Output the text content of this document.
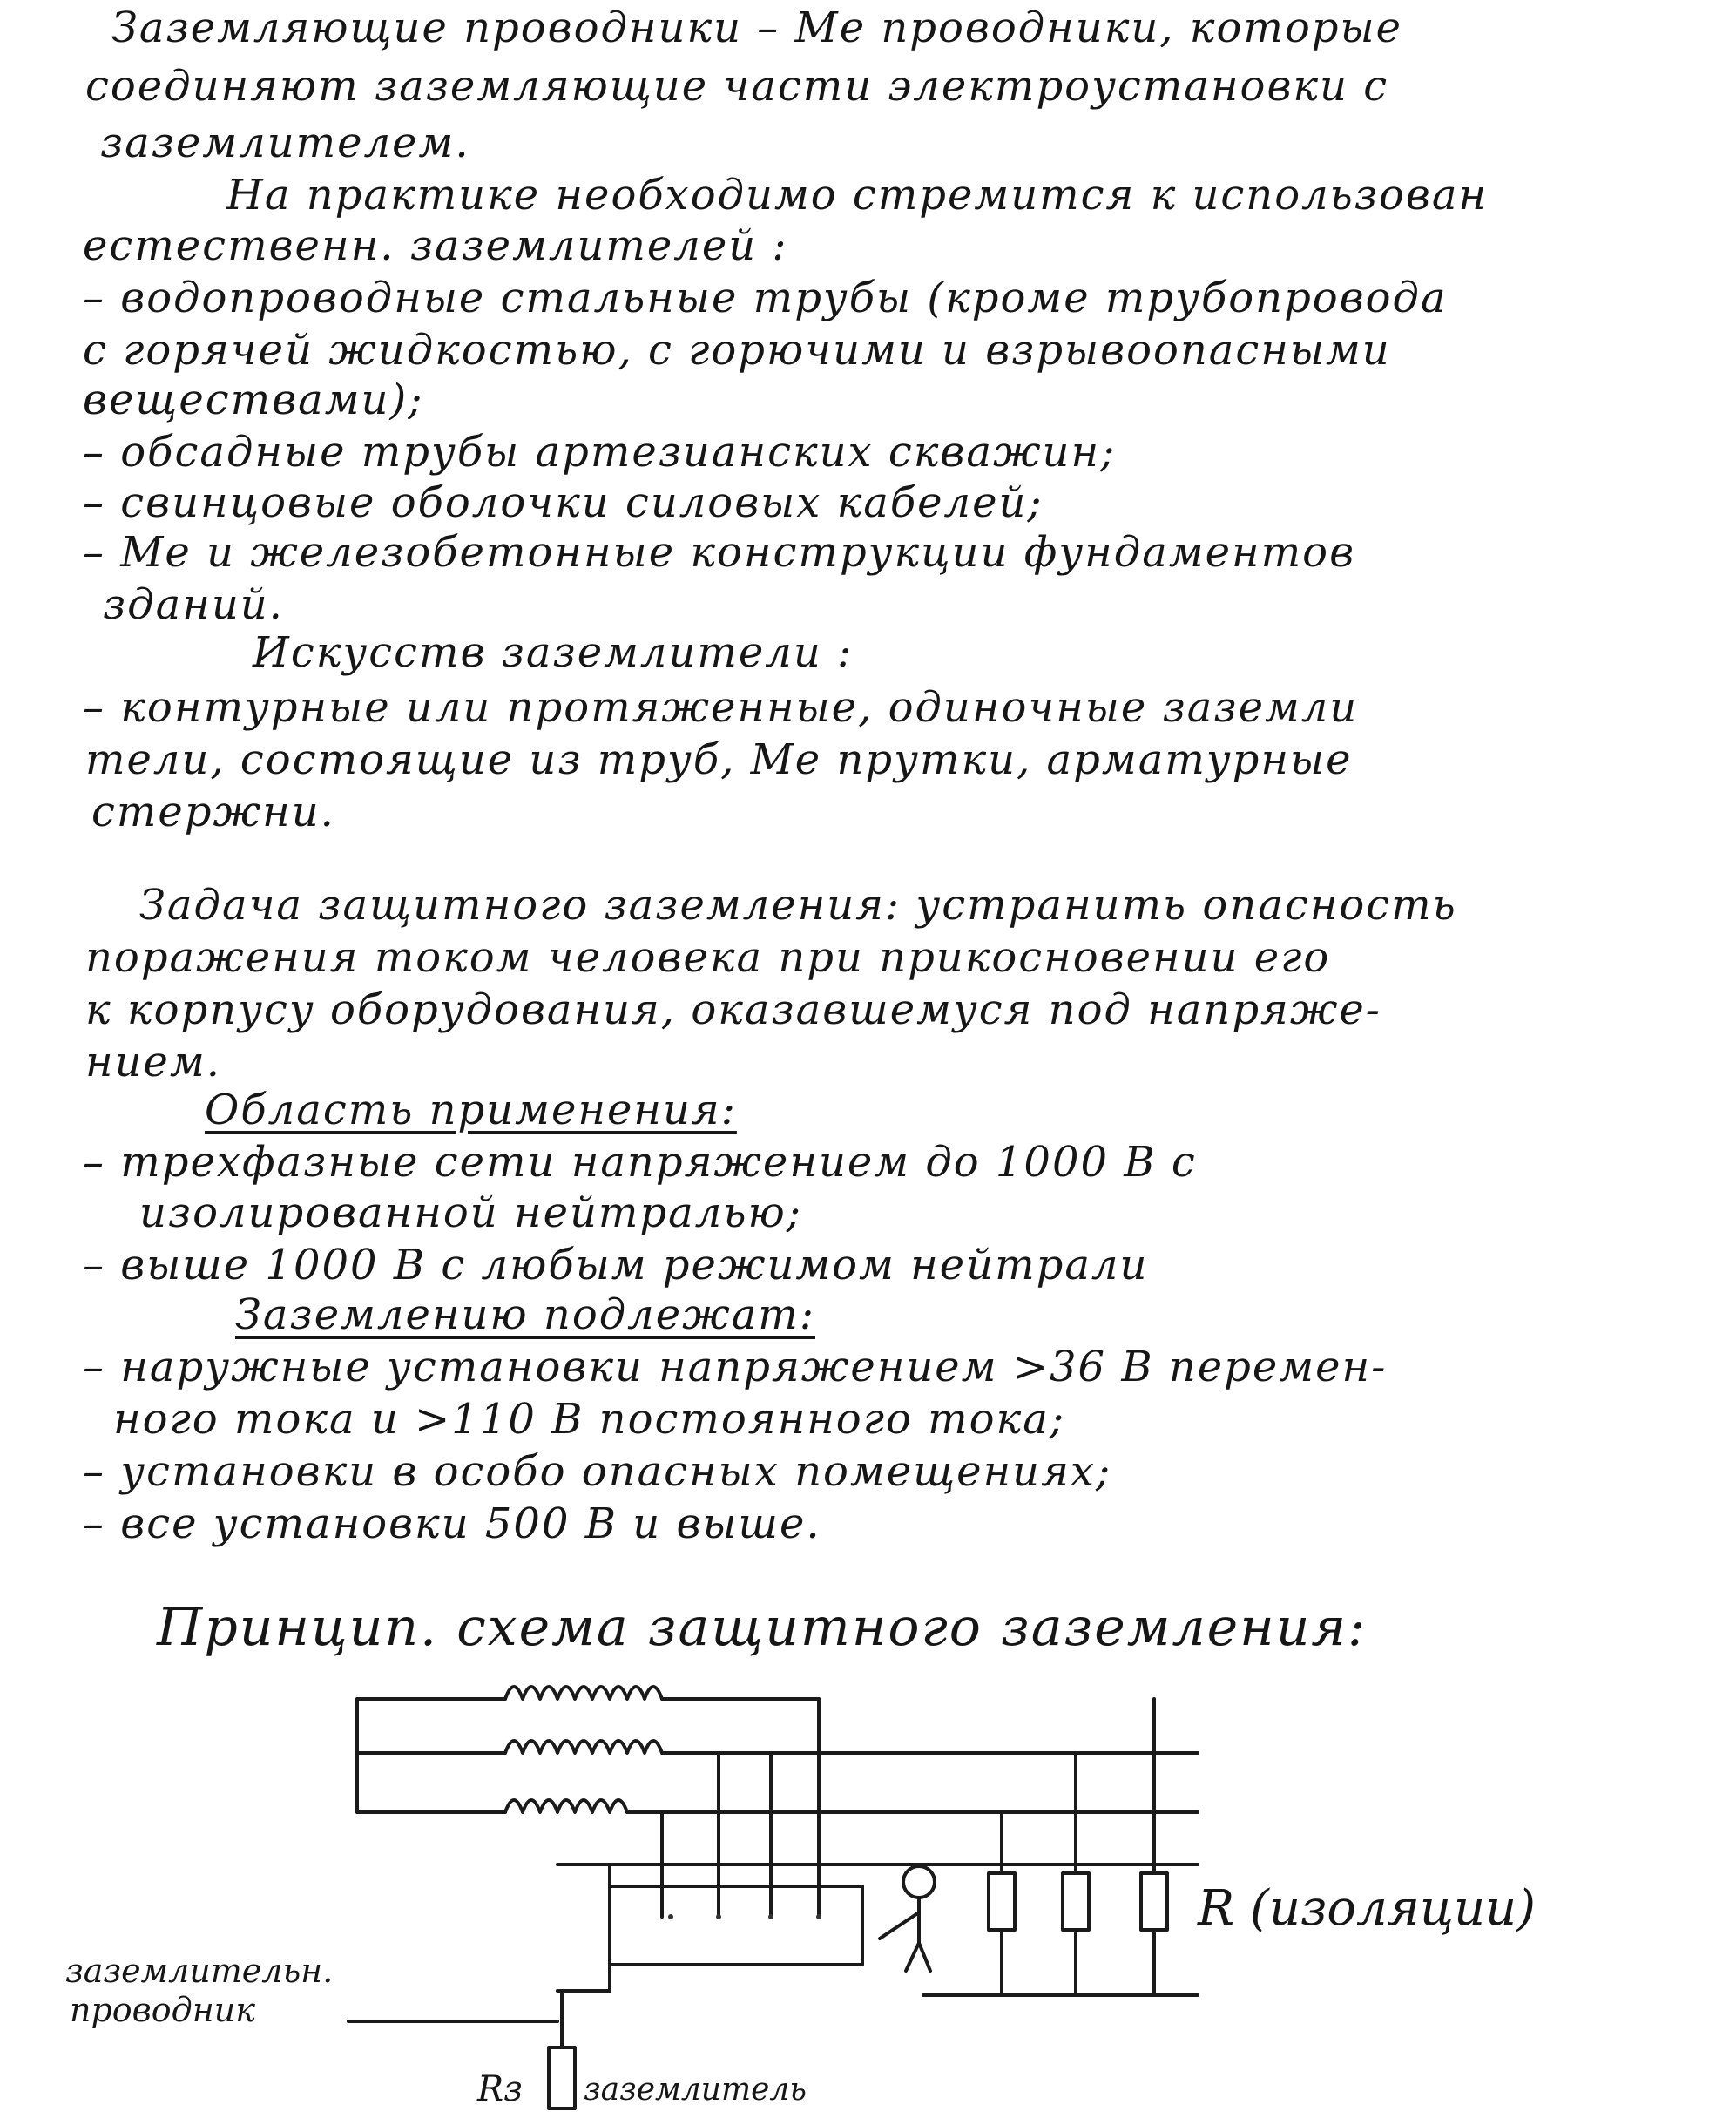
Заземляющие проводники – Ме проводники, которые

соединяют заземляющие части электроустановки с

заземлителем.

На практике необходимо стремится к использован

естественн. заземлителей :

– водопроводные стальные трубы (кроме трубопровода

с горячей жидкостью, с горючими и взрывоопасными

веществами);

– обсадные трубы артезианских скважин;

– свинцовые оболочки силовых кабелей;

– Ме и железобетонные конструкции фундаментов

зданий.

Искусств заземлители :

– контурные или протяженные, одиночные заземли

тели, состоящие из труб, Ме прутки, арматурные

стержни.

Задача защитного заземления: устранить опасность

поражения током человека при прикосновении его

к корпусу оборудования, оказавшемуся под напряже-

нием.

Область применения:

– трехфазные сети напряжением до 1000 В с

изолированной нейтралью;

– выше 1000 В с любым режимом нейтрали

Заземлению подлежат:

– наружные установки напряжением >36 В перемен-

ного тока и >110 В постоянного тока;

– установки в особо опасных помещениях;

– все установки 500 В и выше.

Принцип. схема защитного заземления:

R (изоляции)
заземлительн.
проводник
Rз заземлитель
